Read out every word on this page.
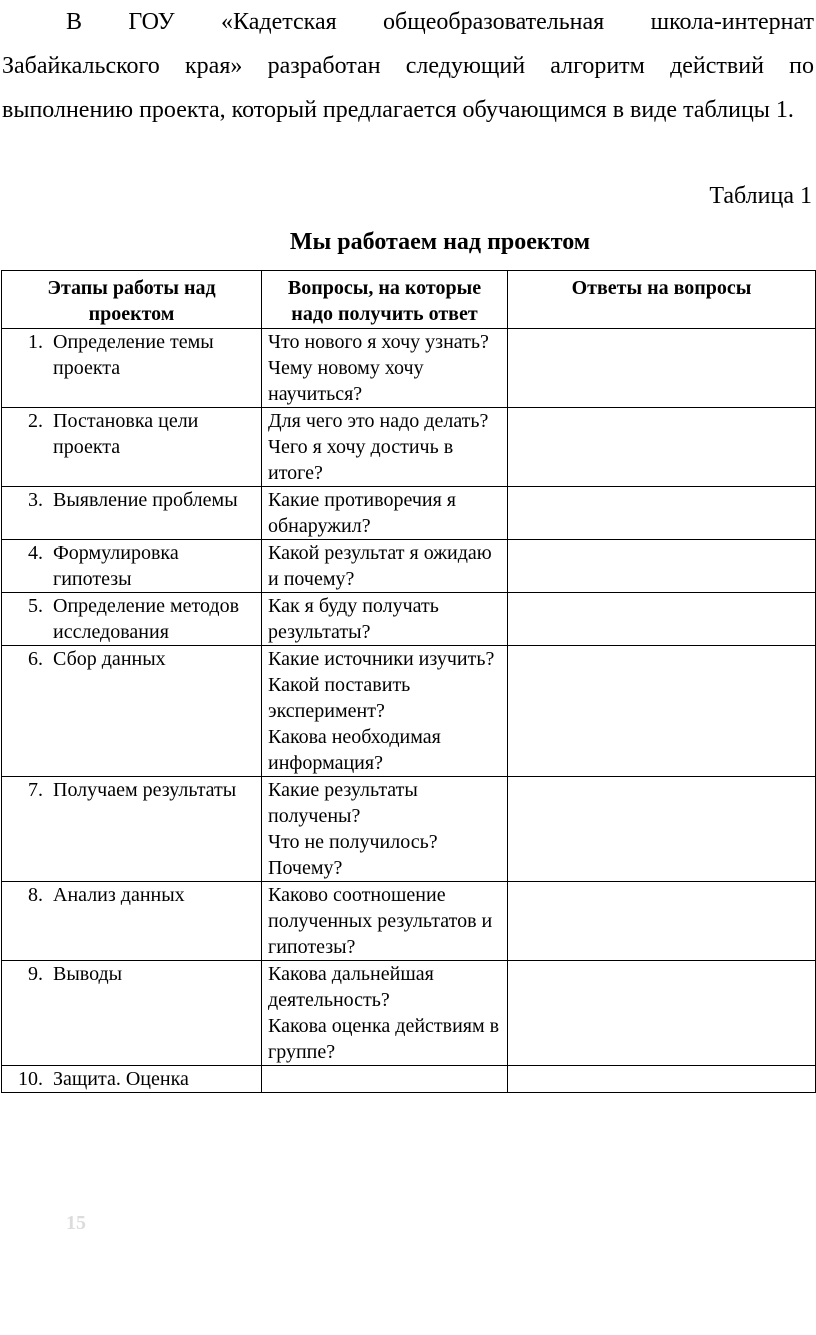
В ГОУ «Кадетская общеобразовательная школа-интернат Забайкальского края» разработан следующий алгоритм действий по выполнению проекта, который предлагается обучающимся в виде таблицы 1.

Таблица 1

Мы работаем над проектом

Этапы работы над проектом	Вопросы, на которые надо получить ответ	Ответы на вопросы

1. Определение темы проекта	Что нового я хочу узнать?
Чему новому хочу научиться?	

2. Постановка цели проекта	Для чего это надо делать?
Чего я хочу достичь в итоге?	

3. Выявление проблемы	Какие противоречия я обнаружил?	

4. Формулировка гипотезы	Какой результат я ожидаю и почему?	

5. Определение методов исследования	Как я буду получать результаты?	

6. Сбор данных	Какие источники изучить?
Какой поставить эксперимент?
Какова необходимая информация?	

7. Получаем результаты	Какие результаты получены?
Что не получилось? Почему?	

8. Анализ данных	Каково соотношение полученных результатов и гипотезы?	

9. Выводы	Какова дальнейшая деятельность?
Какова оценка действиям в группе?	

10. Защита. Оценка		

15
